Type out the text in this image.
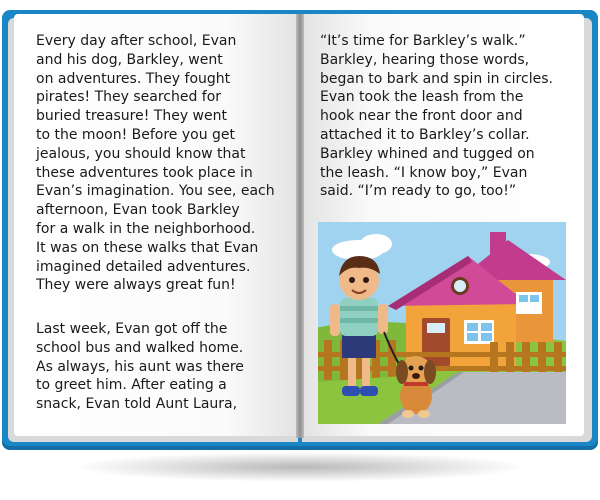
Every day after school, Evan
and his dog, Barkley, went
on adventures. They fought
pirates! They searched for
buried treasure! They went
to the moon! Before you get
jealous, you should know that
these adventures took place in
Evan’s imagination. You see, each
afternoon, Evan took Barkley
for a walk in the neighborhood.
It was on these walks that Evan
imagined detailed adventures.
They were always great fun!
Last week, Evan got off the
school bus and walked home.
As always, his aunt was there
to greet him. After eating a
snack, Evan told Aunt Laura,
“It’s time for Barkley’s walk.”
Barkley, hearing those words,
began to bark and spin in circles.
Evan took the leash from the
hook near the front door and
attached it to Barkley’s collar.
Barkley whined and tugged on
the leash. “I know boy,” Evan
said. “I’m ready to go, too!”
